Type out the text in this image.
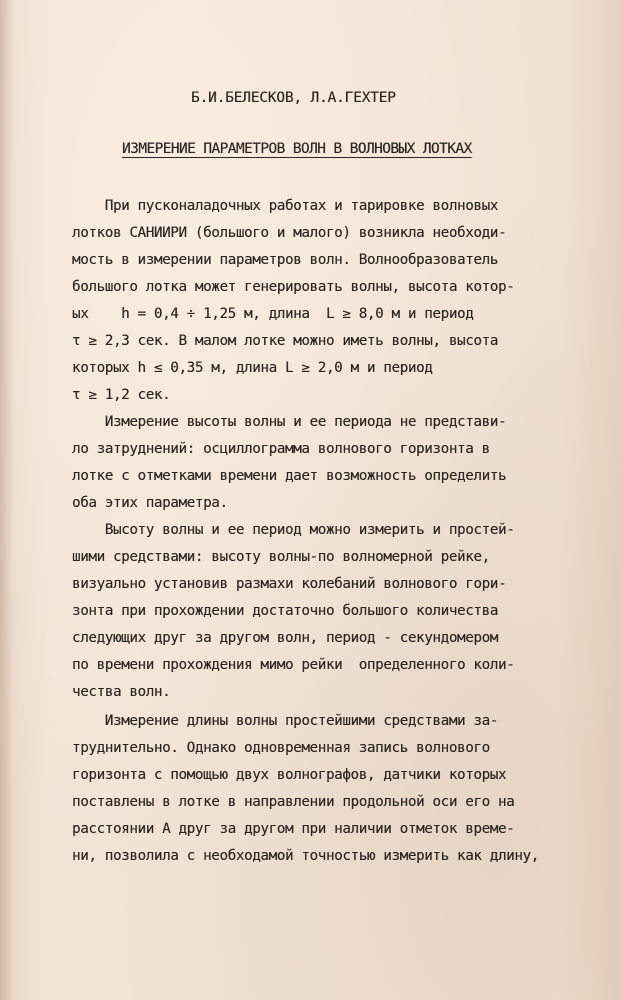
Б.И.БЕЛЕСКОВ, Л.А.ГЕХТЕР
ИЗМЕРЕНИЕ ПАРАМЕТРОВ ВОЛН В ВОЛНОВЫХ ЛОТКАХ
При пусконаладочных работах и тарировке волновых
лотков САНИИРИ (большого и малого) возникла необходи-
мость в измерении параметров волн. Волнообразователь
большого лотка может генерировать волны, высота котор-
ых    h = 0,4 ÷ 1,25 м, длина  L ≥ 8,0 м и период
τ ≥ 2,3 сек. В малом лотке можно иметь волны, высота
которых h ≤ 0,35 м, длина L ≥ 2,0 м и период
τ ≥ 1,2 сек.
Измерение высоты волны и ее периода не представи-
ло затруднений: осциллограмма волнового горизонта в
лотке с отметками времени дает возможность определить
оба этих параметра.
Высоту волны и ее период можно измерить и простей-
шими средствами: высоту волны-по волномерной рейке,
визуально установив размахи колебаний волнового гори-
зонта при прохождении достаточно большого количества
следующих друг за другом волн, период - секундомером
по времени прохождения мимо рейки  определенного коли-
чества волн.
Измерение длины волны простейшими средствами за-
труднительно. Однако одновременная запись волнового
горизонта с помощью двух волнографов, датчики которых
поставлены в лотке в направлении продольной оси его на
расстоянии A друг за другом при наличии отметок време-
ни, позволила с необходамой точностью измерить как длину,
